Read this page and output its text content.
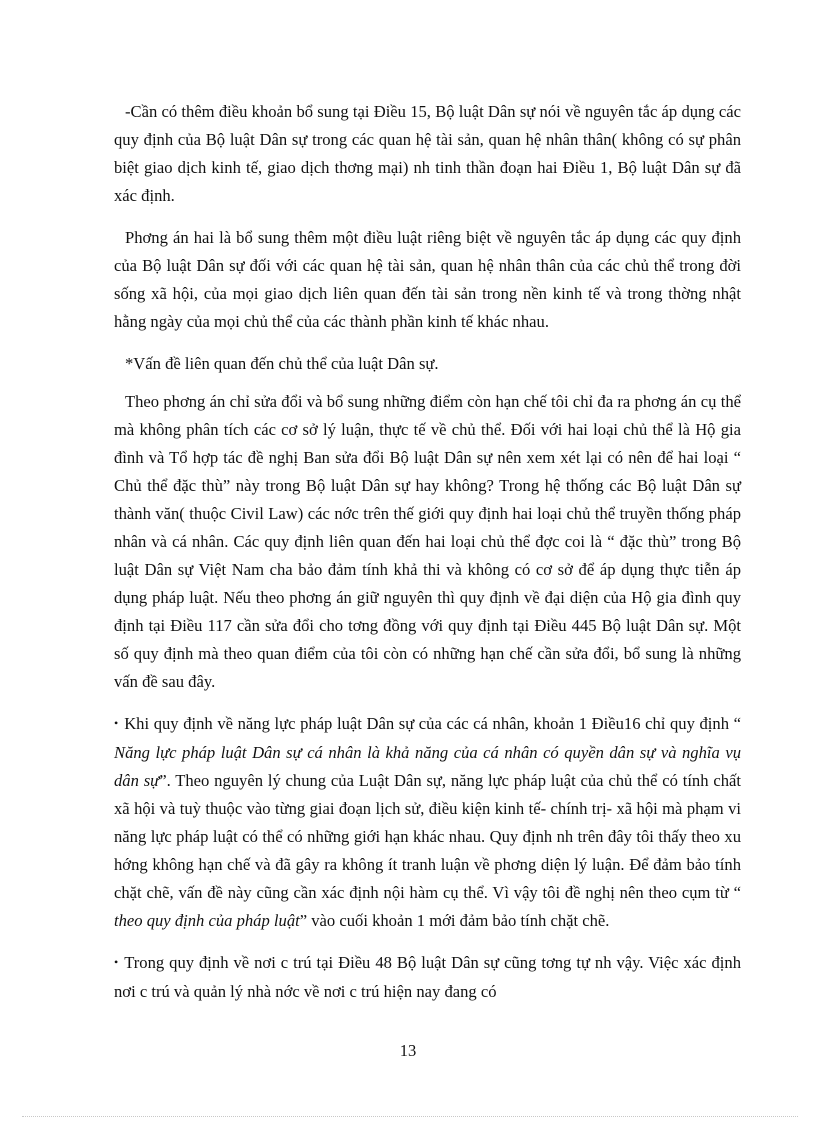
-Cần có thêm điều khoản bổ sung tại Điều 15, Bộ luật Dân sự nói về nguyên tắc áp dụng các quy định của Bộ luật Dân sự trong các quan hệ tài sản, quan hệ nhân thân( không có sự phân biệt giao dịch kinh tế, giao dịch thơng mại) nh tinh thần đoạn hai Điều 1, Bộ luật Dân sự đã xác định.

Phơng án hai là bổ sung thêm một điều luật riêng biệt về nguyên tắc áp dụng các quy định của Bộ luật Dân sự đối với các quan hệ tài sản, quan hệ nhân thân của các chủ thể trong đời sống xã hội, của mọi giao dịch liên quan đến tài sản trong nền kinh tế và trong thờng nhật hằng ngày của mọi chủ thể của các thành phần kinh tế khác nhau.

*Vấn đề liên quan đến chủ thể của luật Dân sự.

Theo phơng án chỉ sửa đổi và bổ sung những điểm còn hạn chế tôi chỉ đa ra phơng án cụ thể mà không phân tích các cơ sở lý luận, thực tế về chủ thể. Đối với hai loại chủ thể là Hộ gia đình và Tổ hợp tác đề nghị Ban sửa đổi Bộ luật Dân sự nên xem xét lại có nên để hai loại “ Chủ thể đặc thù” này trong Bộ luật Dân sự hay không? Trong hệ thống các Bộ luật Dân sự thành văn( thuộc Civil Law) các nớc trên thế giới quy định hai loại chủ thể truyền thống pháp nhân và cá nhân. Các quy định liên quan đến hai loại chủ thể đợc coi là “ đặc thù” trong Bộ luật Dân sự Việt Nam cha bảo đảm tính khả thi và không có cơ sở để áp dụng thực tiễn áp dụng pháp luật. Nếu theo phơng án giữ nguyên thì quy định về đại diện của Hộ gia đình quy định tại Điều 117 cần sửa đổi cho tơng đồng với quy định tại Điều 445 Bộ luật Dân sự. Một số quy định mà theo quan điểm của tôi còn có những hạn chế cần sửa đổi, bổ sung là những vấn đề sau đây.

• Khi quy định về năng lực pháp luật Dân sự của các cá nhân, khoản 1 Điều16 chỉ quy định “ Năng lực pháp luật Dân sự cá nhân là khả năng của cá nhân có quyền dân sự và nghĩa vụ dân sự”. Theo nguyên lý chung của Luật Dân sự, năng lực pháp luật của chủ thể có tính chất xã hội và tuỳ thuộc vào từng giai đoạn lịch sử, điều kiện kinh tế- chính trị- xã hội mà phạm vi năng lực pháp luật có thể có những giới hạn khác nhau. Quy định nh trên đây tôi thấy theo xu hớng không hạn chế và đã gây ra không ít tranh luận về phơng diện lý luận. Để đảm bảo tính chặt chẽ, vấn đề này cũng cần xác định nội hàm cụ thể. Vì vậy tôi đề nghị nên theo cụm từ “ theo quy định của pháp luật” vào cuối khoản 1 mới đảm bảo tính chặt chẽ.

• Trong quy định về nơi c trú tại Điều 48 Bộ luật Dân sự cũng tơng tự nh vậy. Việc xác định nơi c trú và quản lý nhà nớc về nơi c trú hiện nay đang có

13
